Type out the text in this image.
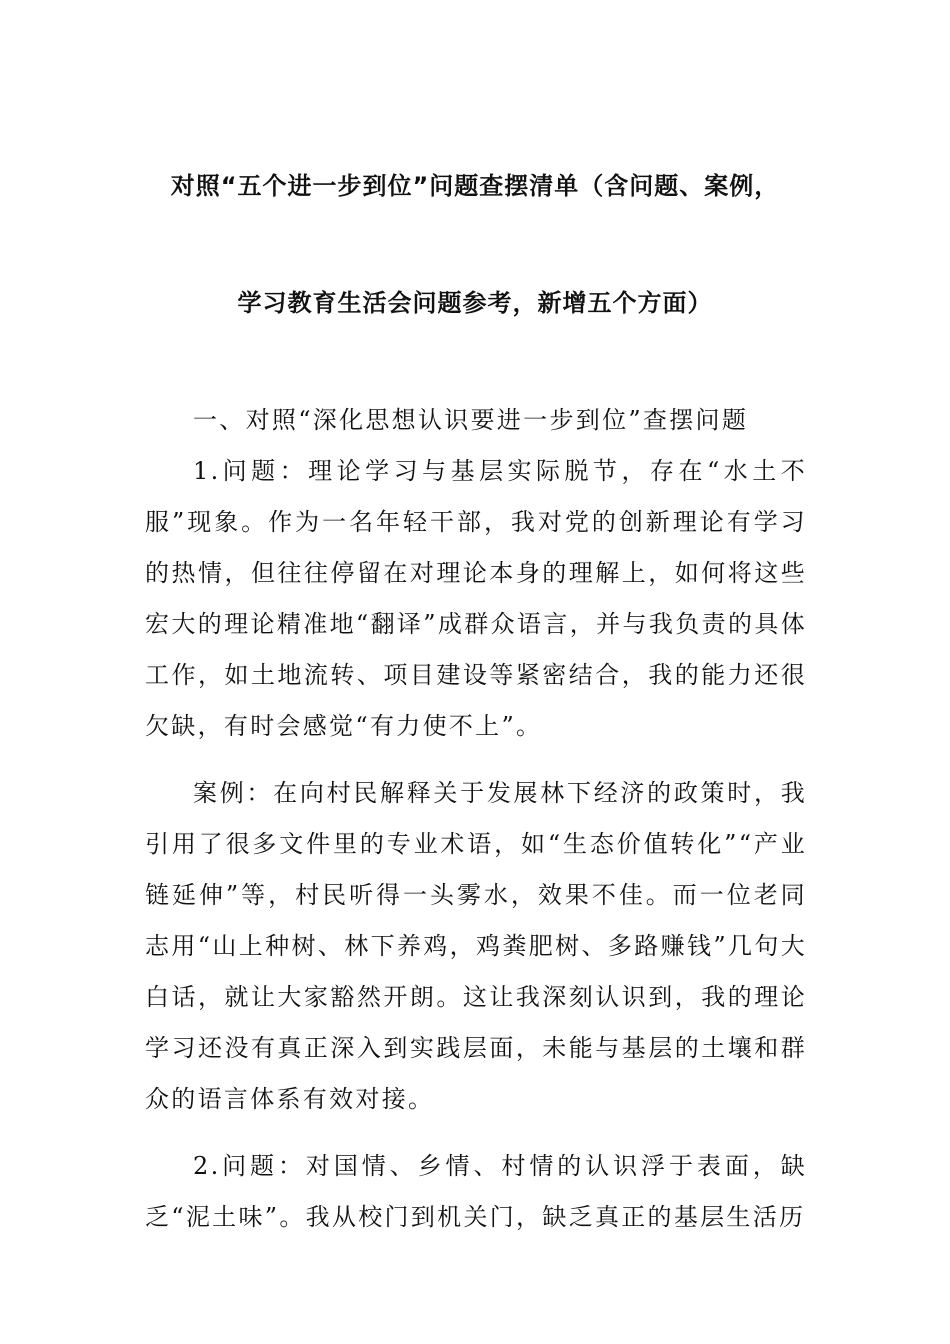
对照“五个进一步到位”问题查摆清单（含问题、案例，
学习教育生活会问题参考，新增五个方面）

一、对照“深化思想认识要进一步到位”查摆问题

1.问题：理论学习与基层实际脱节，存在“水土不服”现象。作为一名年轻干部，我对党的创新理论有学习的热情，但往往停留在对理论本身的理解上，如何将这些宏大的理论精准地“翻译”成群众语言，并与我负责的具体工作，如土地流转、项目建设等紧密结合，我的能力还很欠缺，有时会感觉“有力使不上”。

案例：在向村民解释关于发展林下经济的政策时，我引用了很多文件里的专业术语，如“生态价值转化”“产业链延伸”等，村民听得一头雾水，效果不佳。而一位老同志用“山上种树、林下养鸡，鸡粪肥树、多路赚钱”几句大白话，就让大家豁然开朗。这让我深刻认识到，我的理论学习还没有真正深入到实践层面，未能与基层的土壤和群众的语言体系有效对接。

2.问题：对国情、乡情、村情的认识浮于表面，缺乏“泥土味”。我从校门到机关门，缺乏真正的基层生活历
